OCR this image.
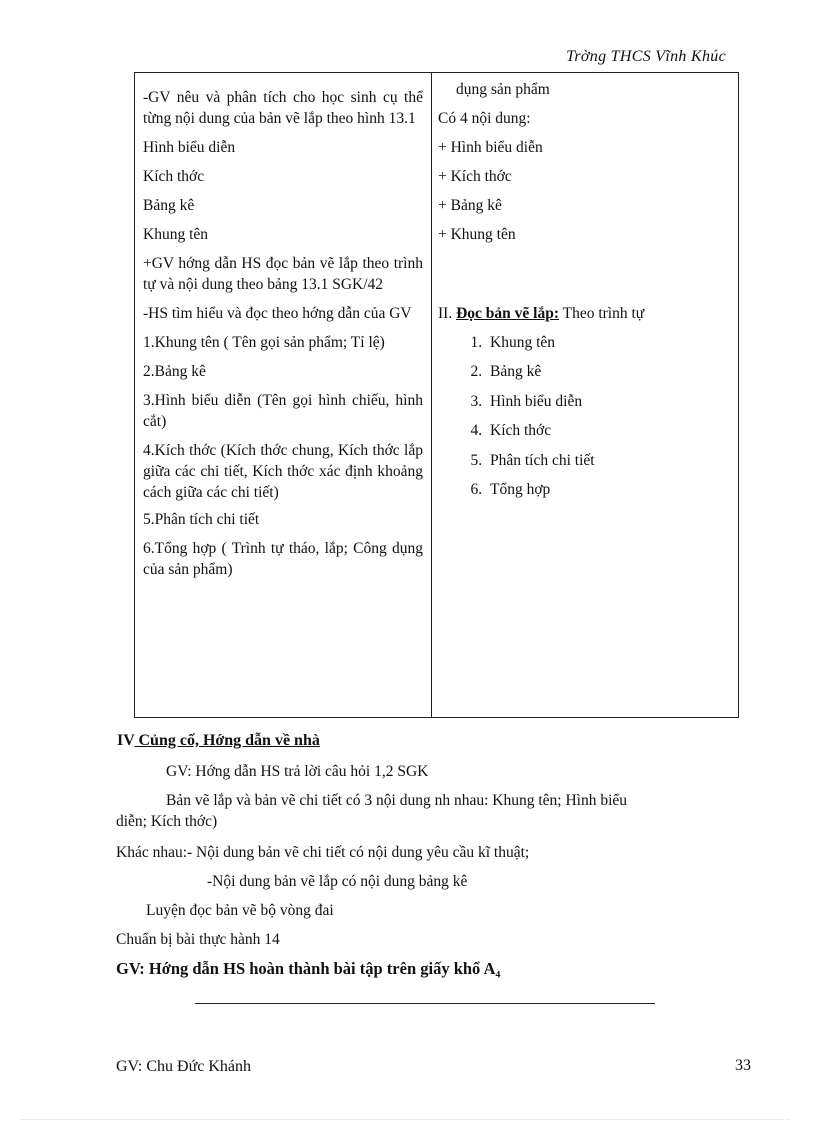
Trờng THCS Vĩnh Khúc

-GV nêu và phân tích cho học sinh cụ thể từng nội dung của bản vẽ lắp theo hình 13.1

Hình biểu diễn

Kích thớc

Bảng kê

Khung tên

+GV hớng dẫn HS đọc bản vẽ lắp theo trình tự và nội dung theo bảng 13.1 SGK/42

-HS tìm hiểu và đọc theo hớng dẫn của GV

1.Khung tên ( Tên gọi sản phẩm; Tỉ lệ)

2.Bảng kê

3.Hình biểu diễn (Tên gọi hình chiếu, hình cắt)

4.Kích thớc (Kích thớc chung, Kích thớc lắp giữa các chi tiết, Kích thớc xác định khoảng cách giữa các chi tiết)

5.Phân tích chi tiết

6.Tổng hợp ( Trình tự tháo, lắp; Công dụng của sản phẩm)

dụng sản phẩm

Có 4 nội dung:

+ Hình biểu diễn

+ Kích thớc

+ Bảng kê

+ Khung tên

II. Đọc bản vẽ lắp: Theo trình tự

1. Khung tên
2. Bảng kê
3. Hình biểu diễn
4. Kích thớc
5. Phân tích chi tiết
6. Tổng hợp
IV Củng cố, Hớng dẫn về nhà
GV: Hớng dẫn HS trả lời câu hỏi 1,2 SGK
Bản vẽ lắp và bản vẽ chi tiết có 3 nội dung nh nhau: Khung tên; Hình biểu
diễn; Kích thớc)
Khác nhau:- Nội dung bản vẽ chi tiết có nội dung yêu cầu kĩ thuật;
-Nội dung bản vẽ lắp có nội dung bảng kê
Luyện đọc bản vẽ bộ vòng đai
Chuẩn bị bài thực hành 14
GV: Hớng dẫn HS hoàn thành bài tập trên giấy khổ A₄
GV: Chu Đức Khánh	33
